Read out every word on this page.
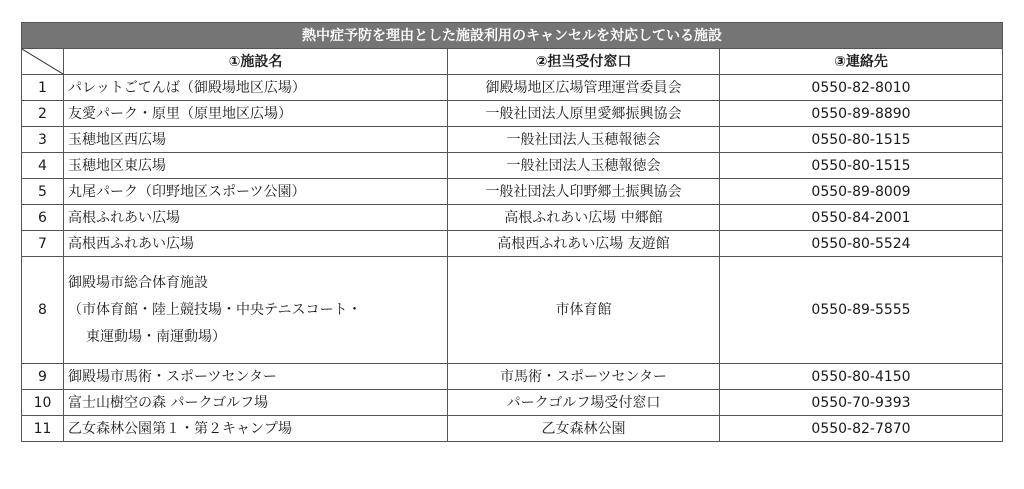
熱中症予防を理由とした施設利用のキャンセルを対応している施設			

	①施設名	②担当受付窓口	③連絡先
1	パレットごてんば（御殿場地区広場）	御殿場地区広場管理運営委員会	0550-82-8010
2	友愛パーク・原里（原里地区広場）	一般社団法人原里愛郷振興協会	0550-89-8890
3	玉穂地区西広場	一般社団法人玉穂報徳会	0550-80-1515
4	玉穂地区東広場	一般社団法人玉穂報徳会	0550-80-1515
5	丸尾パーク（印野地区スポーツ公園）	一般社団法人印野郷土振興協会	0550-89-8009
6	高根ふれあい広場	高根ふれあい広場 中郷館	0550-84-2001
7	高根西ふれあい広場	高根西ふれあい広場 友遊館	0550-80-5524
8	御殿場市総合体育施設
（市体育館・陸上競技場・中央テニスコート・
東運動場・南運動場）	市体育館	0550-89-5555
9	御殿場市馬術・スポーツセンター	市馬術・スポーツセンター	0550-80-4150
10	富士山樹空の森 パークゴルフ場	パークゴルフ場受付窓口	0550-70-9393
11	乙女森林公園第１・第２キャンプ場	乙女森林公園	0550-82-7870
